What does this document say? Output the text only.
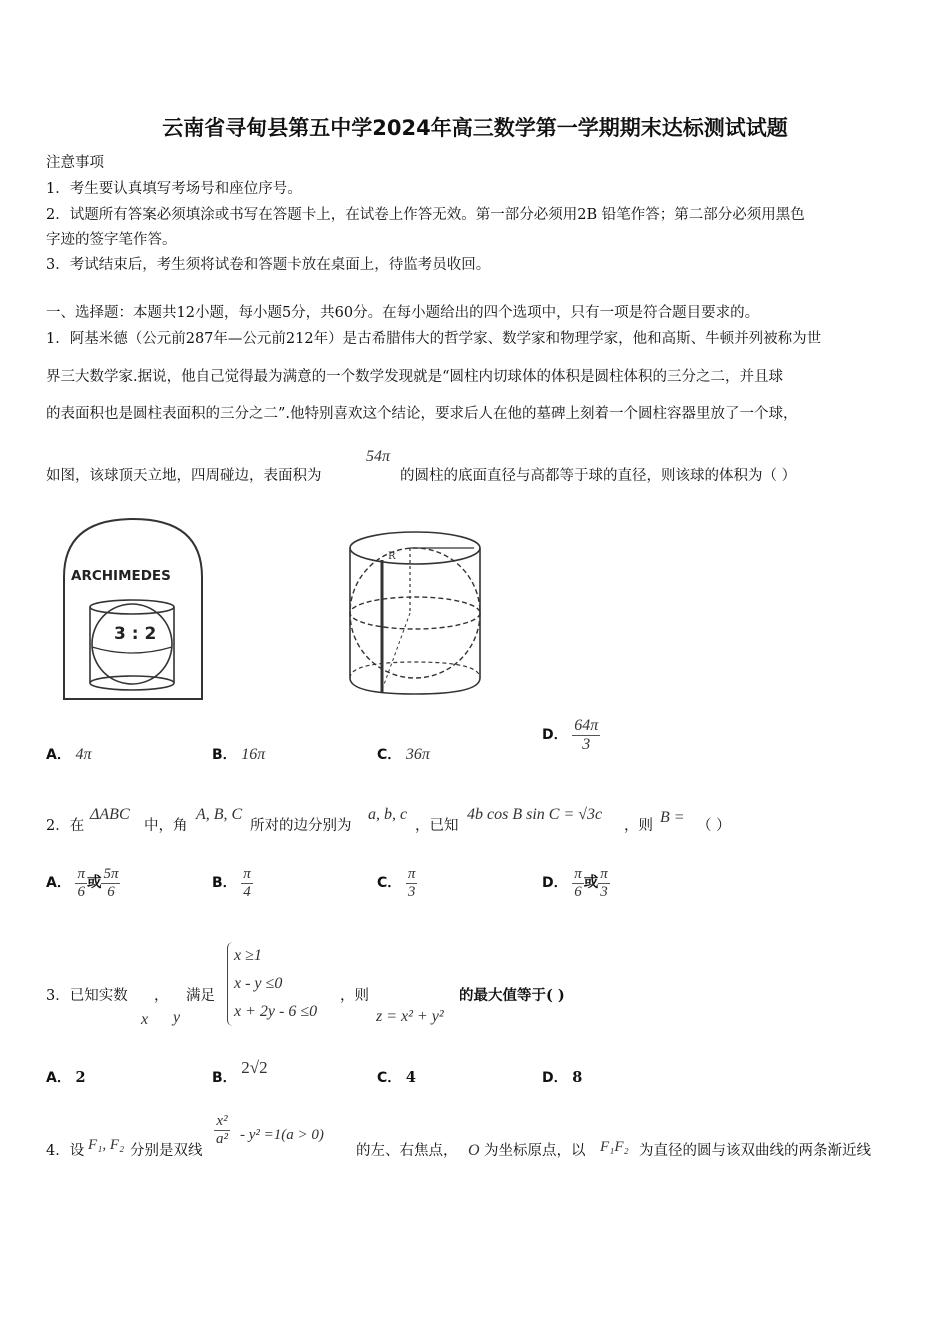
云南省寻甸县第五中学2024年高三数学第一学期期末达标测试试题
注意事项
1．考生要认真填写考场号和座位序号。
2．试题所有答案必须填涂或书写在答题卡上，在试卷上作答无效。第一部分必须用2B 铅笔作答；第二部分必须用黑色
字迹的签字笔作答。
3．考试结束后，考生须将试卷和答题卡放在桌面上，待监考员收回。
一、选择题：本题共12小题，每小题5分，共60分。在每小题给出的四个选项中，只有一项是符合题目要求的。
1．阿基米德（公元前287年—公元前212年）是古希腊伟大的哲学家、数学家和物理学家，他和高斯、牛顿并列被称为世
界三大数学家.据说，他自己觉得最为满意的一个数学发现就是“圆柱内切球体的体积是圆柱体积的三分之二，并且球
的表面积也是圆柱表面积的三分之二”.他特别喜欢这个结论，要求后人在他的墓碑上刻着一个圆柱容器里放了一个球，
如图，该球顶天立地，四周碰边，表面积为
54π
的圆柱的底面直径与高都等于球的直径，则该球的体积为（ ）
ARCHIMEDES
3 : 2
R
A． 4π	B． 16π	C． 36π
D． $\frac{64\pi}{3}$
2．在
ΔABC
中，角
A, B, C
所对的边分别为
a, b, c
，已知
4b cos B sin C = √3c
，则 B = （ ）
A． $\frac{\pi}{6}$ 或 $\frac{5\pi}{6}$	B． $\frac{\pi}{4}$	C． $\frac{\pi}{3}$	D． $\frac{\pi}{6}$ 或 $\frac{\pi}{3}$
3．已知实数 ， 满足
x ≥1
x - y ≤0
x + 2y - 6 ≤0
，则	的最大值等于( )
x y	z = x² + y²
A． 2	B． 2√2
C． 4	D． 8
4．设 F₁, F₂ 分别是双线
$\frac{\text{x²}}{\text{a²}} - y^2 =1(a > 0)$
的左、右焦点， O 为坐标原点，以 F₁F₂ 为直径的圆与该双曲线的两条渐近线
